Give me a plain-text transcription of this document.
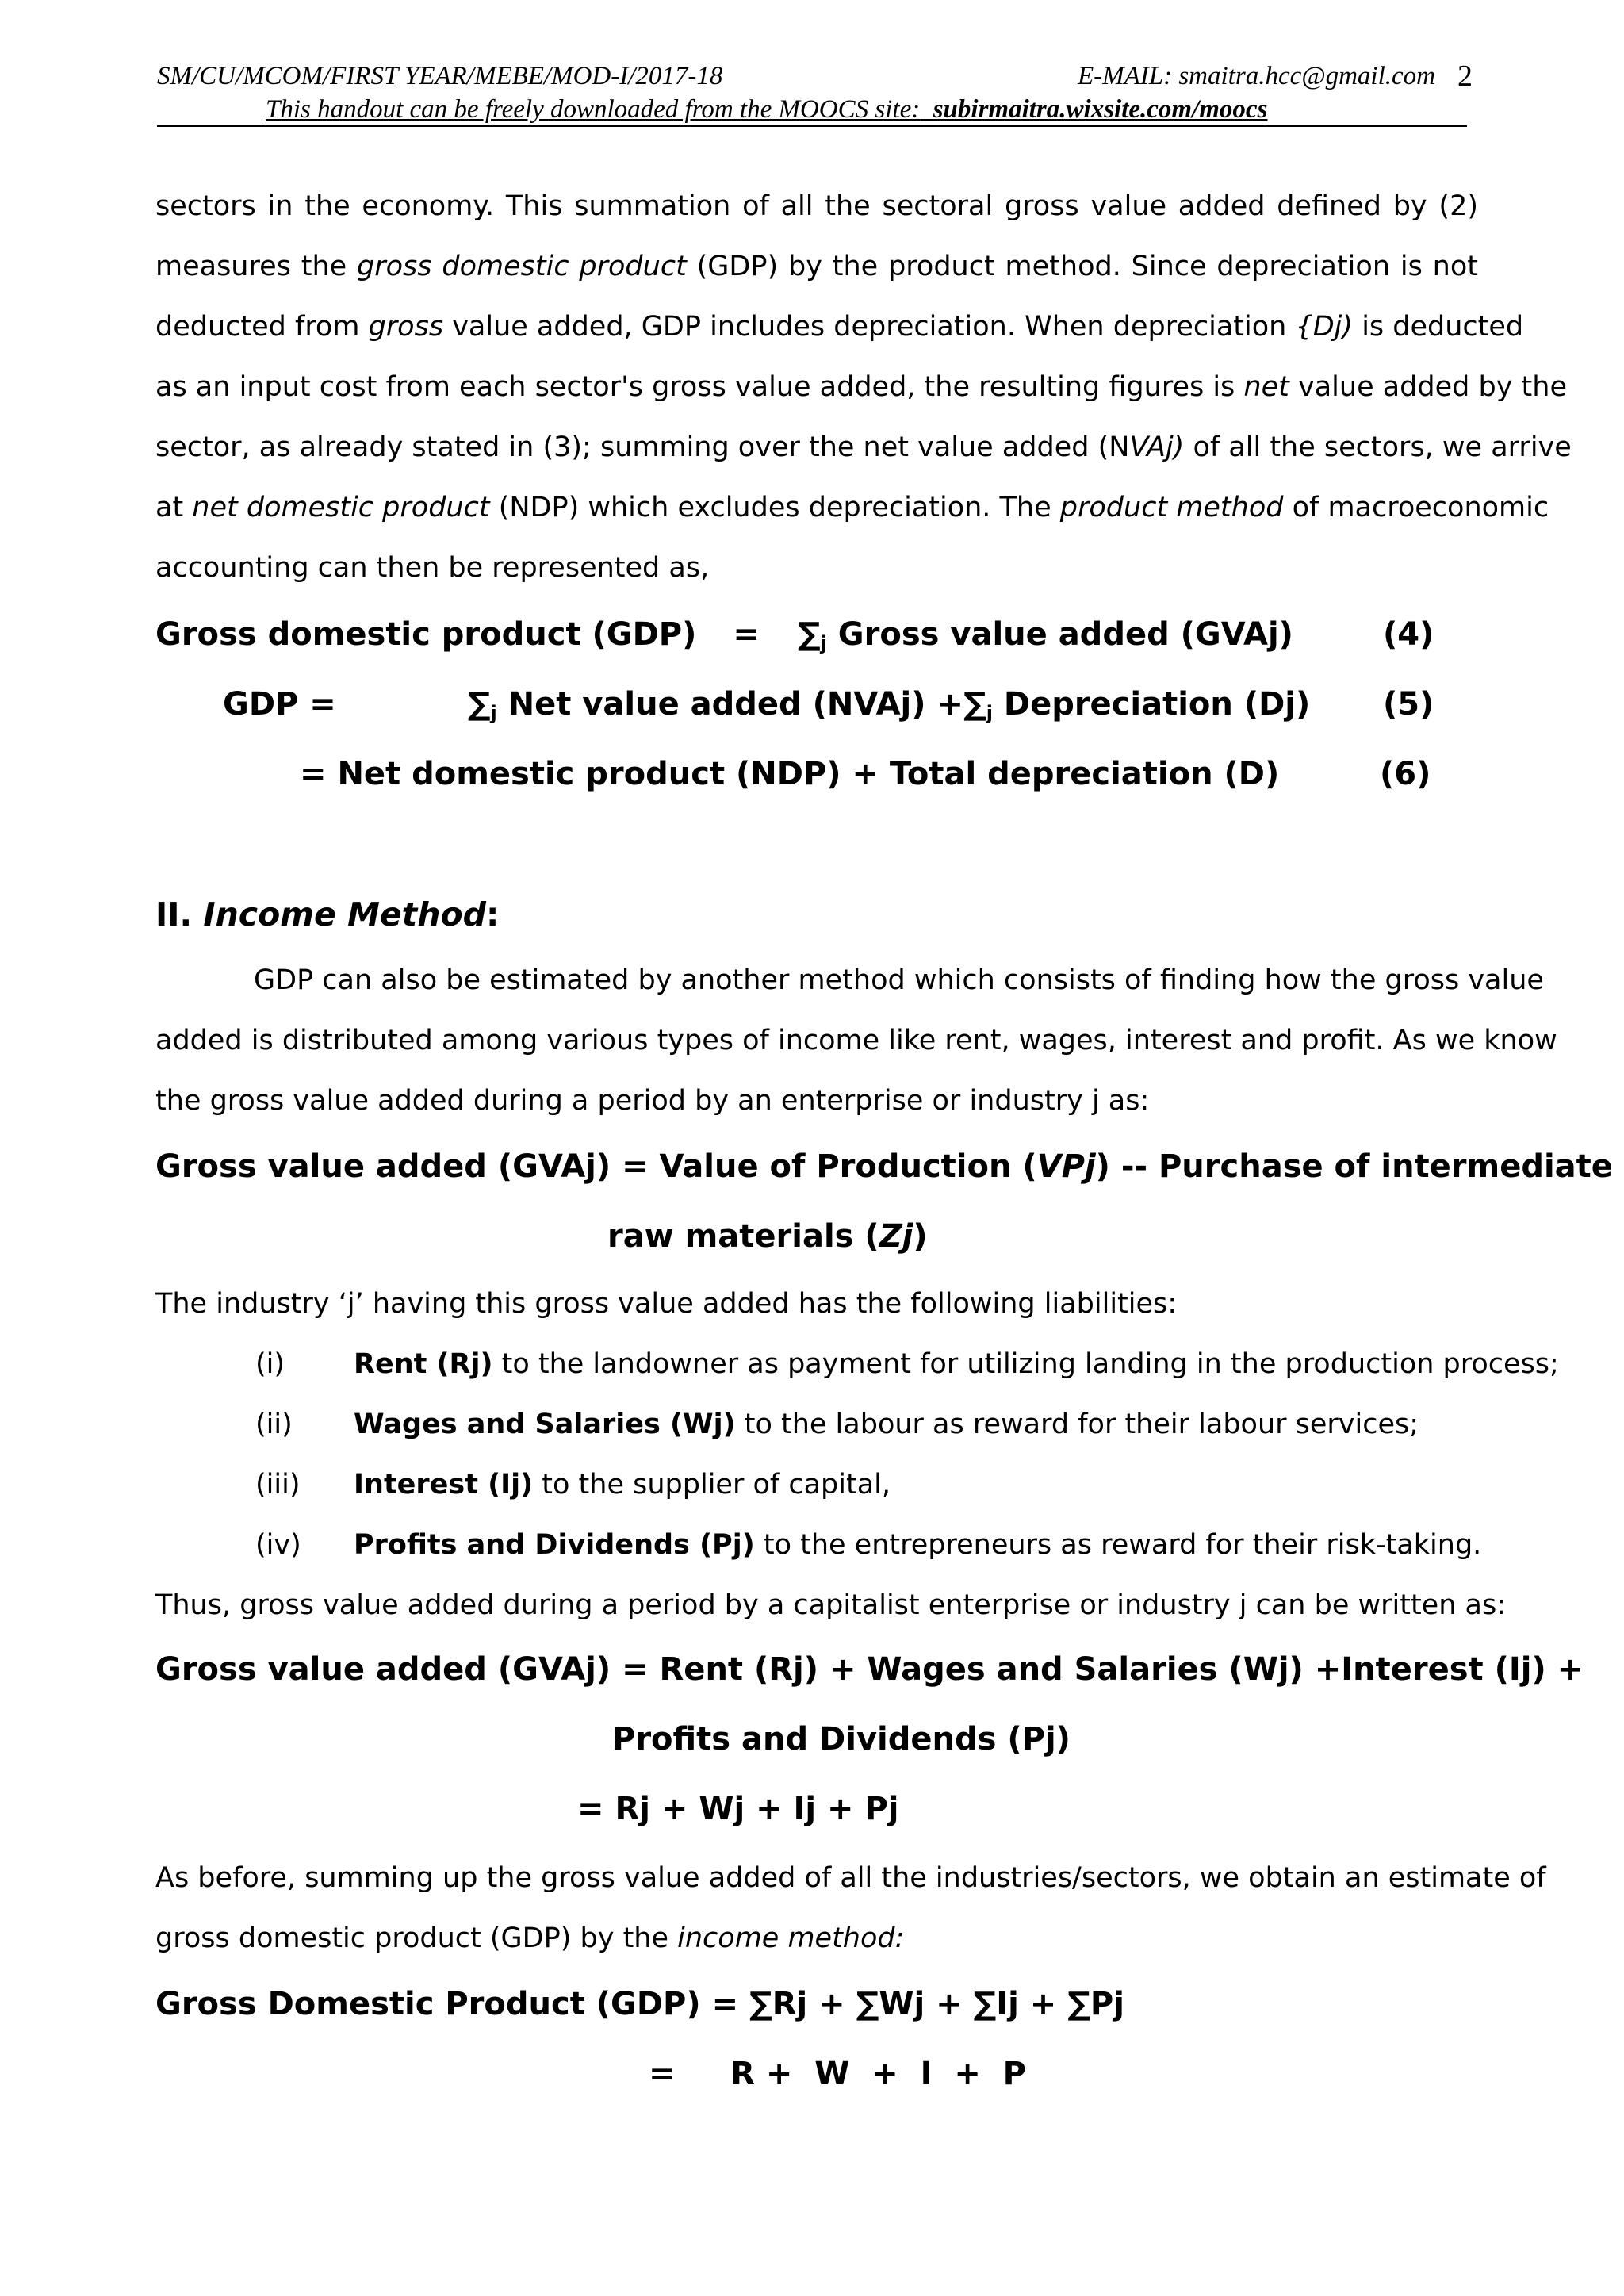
SM/CU/MCOM/FIRST YEAR/MEBE/MOD-I/2017-18	E-MAIL: smaitra.hcc@gmail.com 2
This handout can be freely downloaded from the MOOCS site: subirmaitra.wixsite.com/moocs
sectors in the economy. This summation of all the sectoral gross value added defined by (2)
measures the gross domestic product (GDP) by the product method. Since depreciation is not
deducted from gross value added, GDP includes depreciation. When depreciation {Dj) is deducted
as an input cost from each sector's gross value added, the resulting figures is net value added by the
sector, as already stated in (3); summing over the net value added (NVAj) of all the sectors, we arrive
at net domestic product (NDP) which excludes depreciation. The product method of macroeconomic
accounting can then be represented as,
Gross domestic product $(GDP) = \sum_j$ Gross value added (GVAj)	(4)
GDP =	$\sum_j$ Net value added (NVAj) $+\sum_j$ Depreciation (Dj) (5)
= Net domestic product (NDP) + Total depreciation (D)	(6)
II. Income Method:
GDP can also be estimated by another method which consists of finding how the gross value
added is distributed among various types of income like rent, wages, interest and profit. As we know
the gross value added during a period by an enterprise or industry j as:
Gross value added (GVAj) = Value of Production (VPj) -- Purchase of intermediate
raw materials (Zj)
The industry ‘j’ having this gross value added has the following liabilities:
(i) Rent (Rj) to the landowner as payment for utilizing landing in the production process;
(ii) Wages and Salaries (Wj) to the labour as reward for their labour services;
(iii) Interest (Ij) to the supplier of capital,
(iv) Profits and Dividends (Pj) to the entrepreneurs as reward for their risk-taking.
Thus, gross value added during a period by a capitalist enterprise or industry j can be written as:
Gross value added (GVAj) = Rent (Rj) + Wages and Salaries (Wj) +Interest (Ij) +
Profits and Dividends (Pj)
= Rj + Wj + Ij + Pj
As before, summing up the gross value added of all the industries/sectors, we obtain an estimate of
gross domestic product (GDP) by the income method:
Gross Domestic Product (GDP) = ∑Rj + ∑Wj + ∑Ij + ∑Pj
=     R +  W  +  I  +  P
